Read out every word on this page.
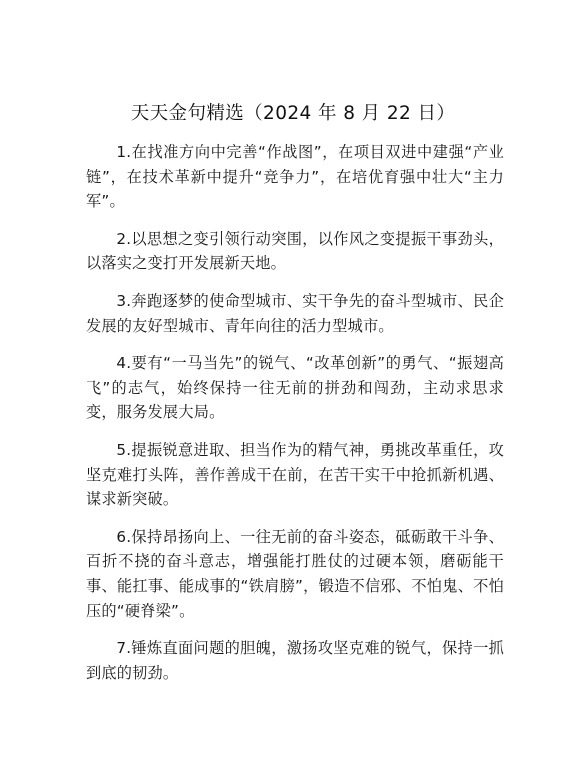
天天金句精选（2024 年 8 月 22 日）

1.在找准方向中完善“作战图”，在项目双进中建强“产业链”，在技术革新中提升“竞争力”，在培优育强中壮大“主力军”。

2.以思想之变引领行动突围，以作风之变提振干事劲头，以落实之变打开发展新天地。

3.奔跑逐梦的使命型城市、实干争先的奋斗型城市、民企发展的友好型城市、青年向往的活力型城市。

4.要有“一马当先”的锐气、“改革创新”的勇气、“振翅高飞”的志气，始终保持一往无前的拼劲和闯劲，主动求思求变，服务发展大局。

5.提振锐意进取、担当作为的精气神，勇挑改革重任，攻坚克难打头阵，善作善成干在前，在苦干实干中抢抓新机遇、谋求新突破。

6.保持昂扬向上、一往无前的奋斗姿态，砥砺敢干斗争、百折不挠的奋斗意志，增强能打胜仗的过硬本领，磨砺能干事、能扛事、能成事的“铁肩膀”，锻造不信邪、不怕鬼、不怕压的“硬脊梁”。

7.锤炼直面问题的胆魄，激扬攻坚克难的锐气，保持一抓到底的韧劲。
